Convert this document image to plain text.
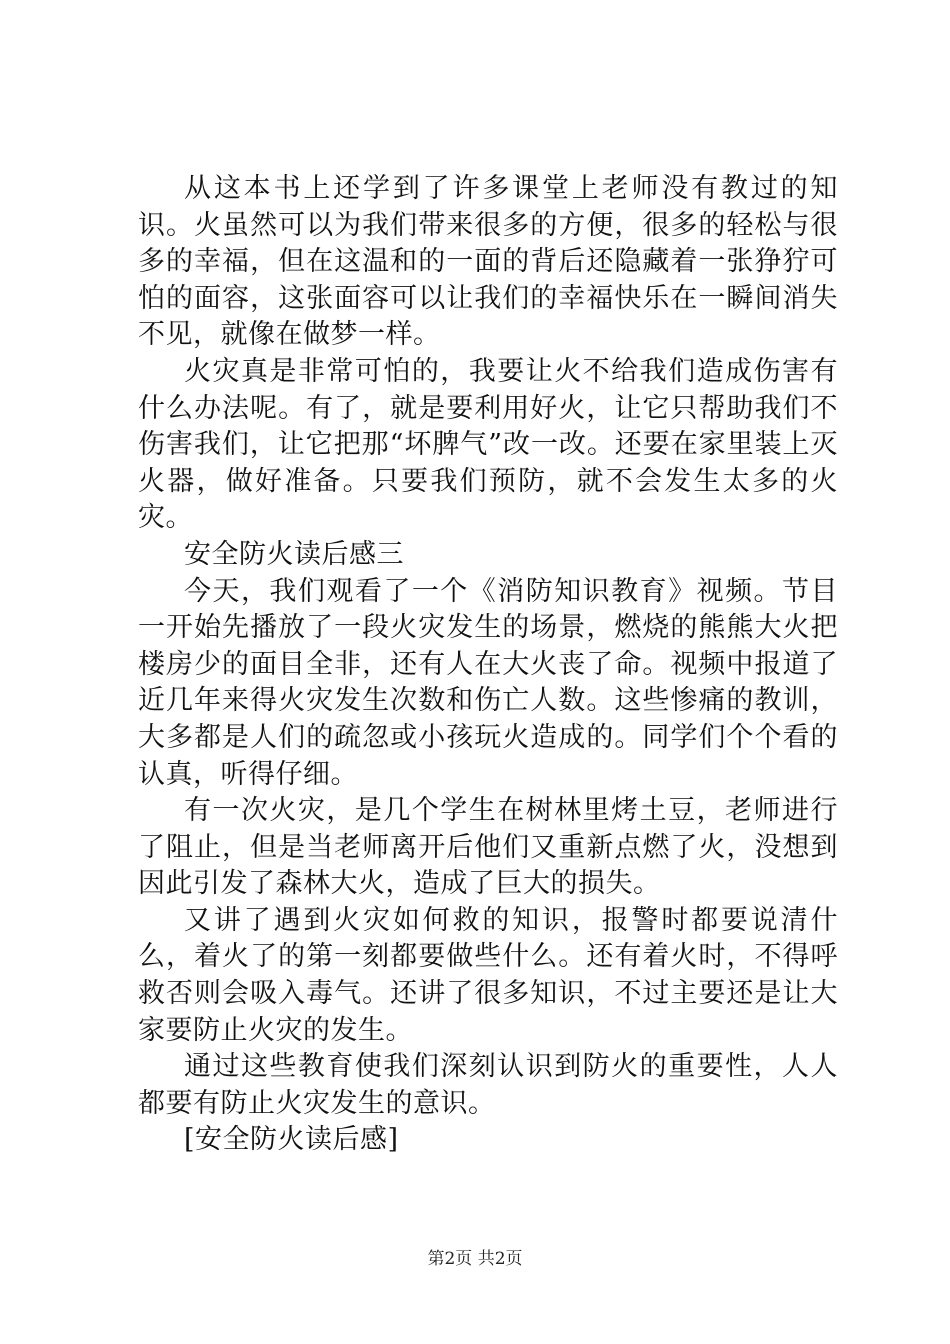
从这本书上还学到了许多课堂上老师没有教过的知识。火虽然可以为我们带来很多的方便，很多的轻松与很多的幸福，但在这温和的一面的背后还隐藏着一张狰狞可怕的面容，这张面容可以让我们的幸福快乐在一瞬间消失不见，就像在做梦一样。

火灾真是非常可怕的，我要让火不给我们造成伤害有什么办法呢。有了，就是要利用好火，让它只帮助我们不伤害我们，让它把那“坏脾气”改一改。还要在家里装上灭火器，做好准备。只要我们预防，就不会发生太多的火灾。

安全防火读后感三

今天，我们观看了一个《消防知识教育》视频。节目一开始先播放了一段火灾发生的场景，燃烧的熊熊大火把楼房少的面目全非，还有人在大火丧了命。视频中报道了近几年来得火灾发生次数和伤亡人数。这些惨痛的教训，大多都是人们的疏忽或小孩玩火造成的。同学们个个看的认真，听得仔细。

有一次火灾，是几个学生在树林里烤土豆，老师进行了阻止，但是当老师离开后他们又重新点燃了火，没想到因此引发了森林大火，造成了巨大的损失。

又讲了遇到火灾如何救的知识，报警时都要说清什么，着火了的第一刻都要做些什么。还有着火时，不得呼救否则会吸入毒气。还讲了很多知识，不过主要还是让大家要防止火灾的发生。

通过这些教育使我们深刻认识到防火的重要性，人人都要有防止火灾发生的意识。

[安全防火读后感]

第2页 共2页
